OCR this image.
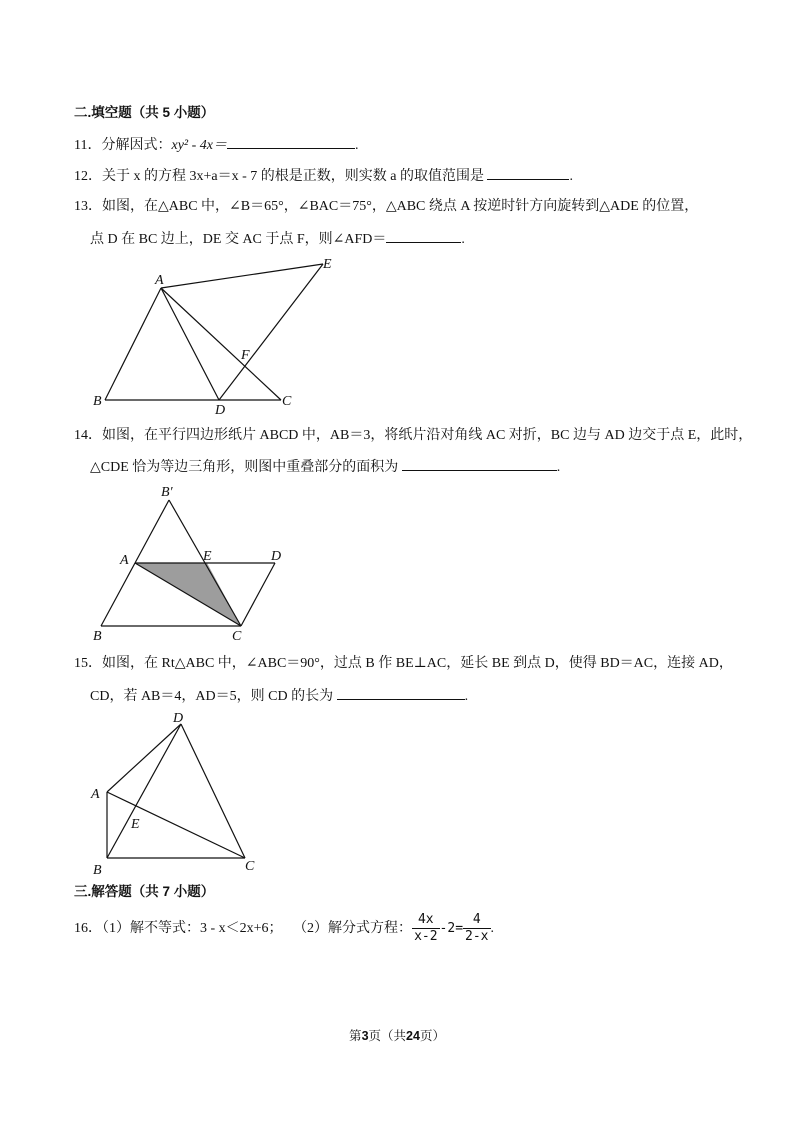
二.填空题（共 5 小题）
11．分解因式：xy² - 4x＝	.
12．关于 x 的方程 3x+a＝x - 7 的根是正数，则实数 a 的取值范围是	.
13．如图，在△ABC 中，∠B＝65°，∠BAC＝75°，△ABC 绕点 A 按逆时针方向旋转到△ADE 的位置，
点 D 在 BC 边上，DE 交 AC 于点 F，则∠AFD＝	.
A
E
B
D
C
F
14．如图，在平行四边形纸片 ABCD 中，AB＝3，将纸片沿对角线 AC 对折，BC 边与 AD 边交于点 E，此时，
△CDE 恰为等边三角形，则图中重叠部分的面积为	.
B′
A	E	D
B	C
15．如图，在 Rt△ABC 中，∠ABC＝90°，过点 B 作 BE⊥AC，延长 BE 到点 D，使得 BD＝AC，连接 AD，
CD，若 AB＝4，AD＝5，则 CD 的长为	.
D
A
E
B	C
三.解答题（共 7 小题）
16．（1）解不等式：3 - x＜2x+6； （2）解分式方程： $\frac{4x}{x-2} -2= \frac{4}{2-x}$ .
第3页（共24页）
